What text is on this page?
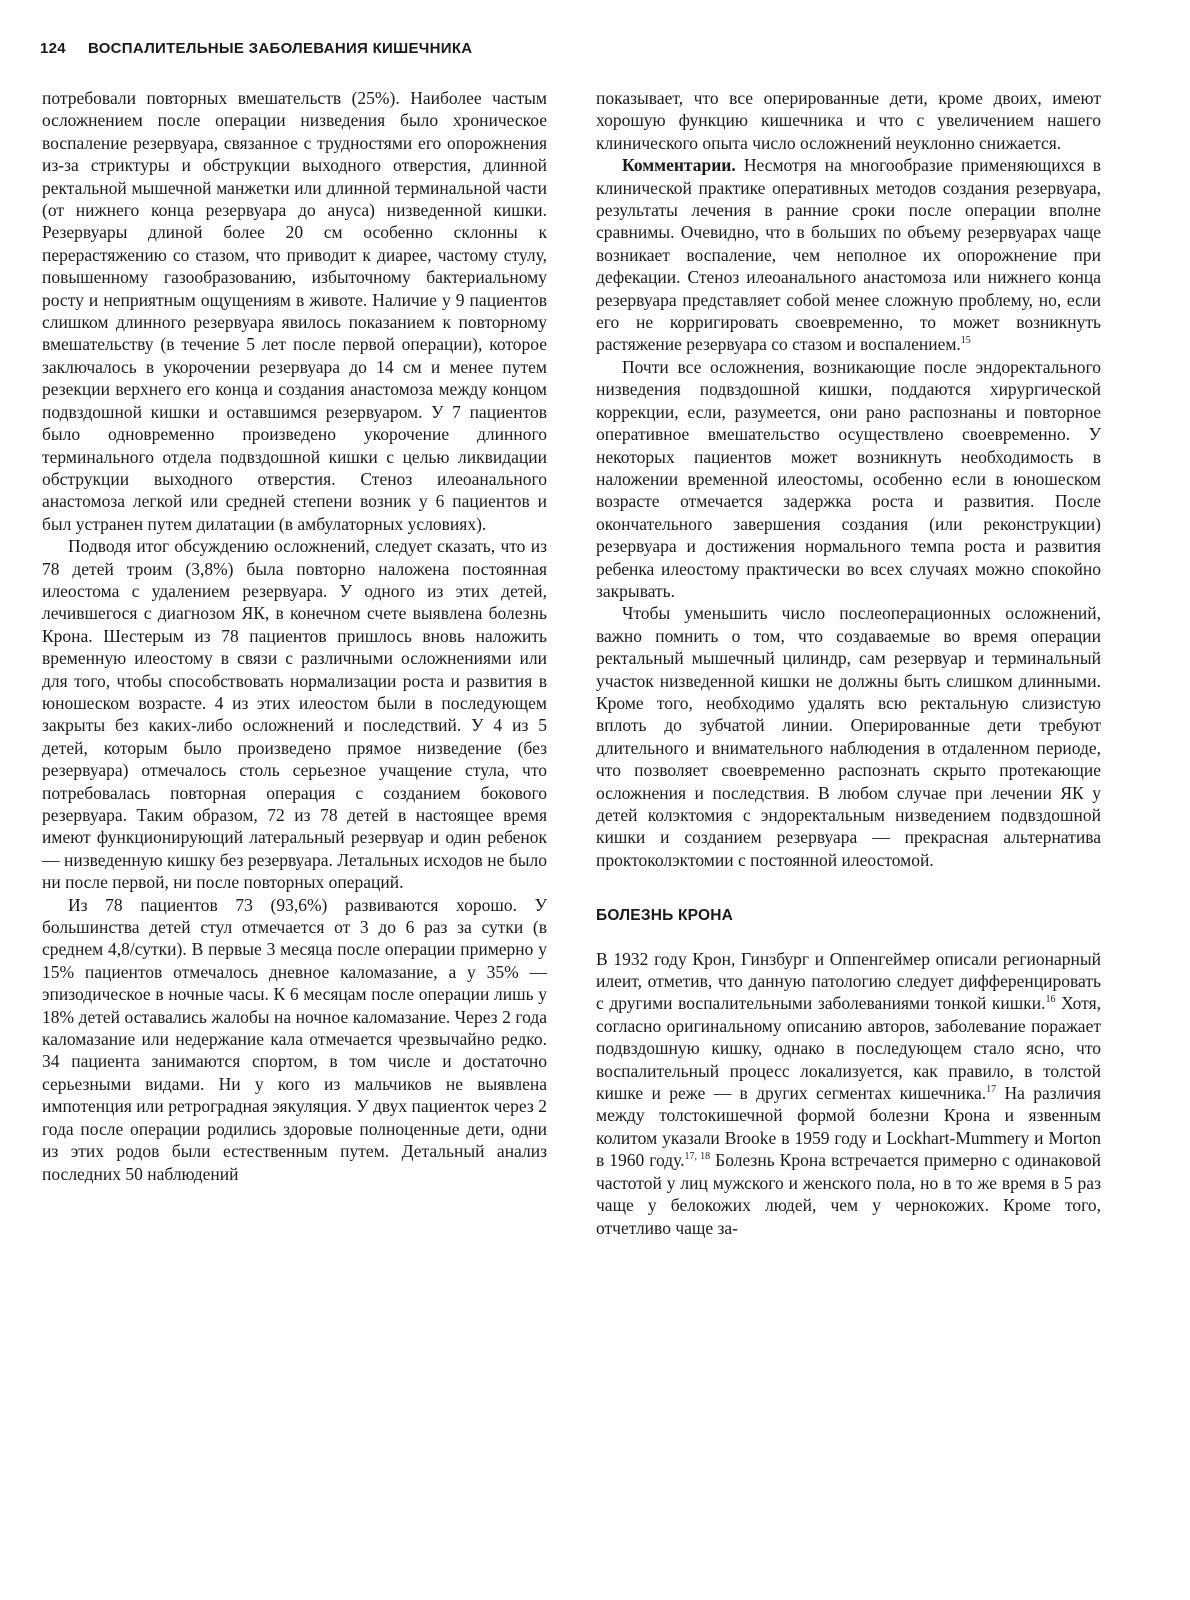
124 ВОСПАЛИТЕЛЬНЫЕ ЗАБОЛЕВАНИЯ КИШЕЧНИКА

потребовали повторных вмешательств (25%). Наиболее частым осложнением после операции низведения было хроническое воспаление резервуара, связанное с трудностями его опорожнения из-за стриктуры и обструкции выходного отверстия, длинной ректальной мышечной манжетки или длинной терминальной части (от нижнего конца резервуара до ануса) низведенной кишки. Резервуары длиной более 20 см особенно склонны к перерастяжению со стазом, что приводит к диарее, частому стулу, повышенному газообразованию, избыточному бактериальному росту и неприятным ощущениям в животе. Наличие у 9 пациентов слишком длинного резервуара явилось показанием к повторному вмешательству (в течение 5 лет после первой операции), которое заключалось в укорочении резервуара до 14 см и менее путем резекции верхнего его конца и создания анастомоза между концом подвздошной кишки и оставшимся резервуаром. У 7 пациентов было одновременно произведено укорочение длинного терминального отдела подвздошной кишки с целью ликвидации обструкции выходного отверстия. Стеноз илеоанального анастомоза легкой или средней степени возник у 6 пациентов и был устранен путем дилатации (в амбулаторных условиях).

Подводя итог обсуждению осложнений, следует сказать, что из 78 детей троим (3,8%) была повторно наложена постоянная илеостома с удалением резервуара. У одного из этих детей, лечившегося с диагнозом ЯК, в конечном счете выявлена болезнь Крона. Шестерым из 78 пациентов пришлось вновь наложить временную илеостому в связи с различными осложнениями или для того, чтобы способствовать нормализации роста и развития в юношеском возрасте. 4 из этих илеостом были в последующем закрыты без каких-либо осложнений и последствий. У 4 из 5 детей, которым было произведено прямое низведение (без резервуара) отмечалось столь серьезное учащение стула, что потребовалась повторная операция с созданием бокового резервуара. Таким образом, 72 из 78 детей в настоящее время имеют функционирующий латеральный резервуар и один ребенок — низведенную кишку без резервуара. Летальных исходов не было ни после первой, ни после повторных операций.

Из 78 пациентов 73 (93,6%) развиваются хорошо. У большинства детей стул отмечается от 3 до 6 раз за сутки (в среднем 4,8/сутки). В первые 3 месяца после операции примерно у 15% пациентов отмечалось дневное каломазание, а у 35% — эпизодическое в ночные часы. К 6 месяцам после операции лишь у 18% детей оставались жалобы на ночное каломазание. Через 2 года каломазание или недержание кала отмечается чрезвычайно редко. 34 пациента занимаются спортом, в том числе и достаточно серьезными видами. Ни у кого из мальчиков не выявлена импотенция или ретроградная эякуляция. У двух пациенток через 2 года после операции родились здоровые полноценные дети, одни из этих родов были естественным путем. Детальный анализ последних 50 наблюдений

показывает, что все оперированные дети, кроме двоих, имеют хорошую функцию кишечника и что с увеличением нашего клинического опыта число осложнений неуклонно снижается.

Комментарии. Несмотря на многообразие применяющихся в клинической практике оперативных методов создания резервуара, результаты лечения в ранние сроки после операции вполне сравнимы. Очевидно, что в больших по объему резервуарах чаще возникает воспаление, чем неполное их опорожнение при дефекации. Стеноз илеоанального анастомоза или нижнего конца резервуара представляет собой менее сложную проблему, но, если его не корригировать своевременно, то может возникнуть растяжение резервуара со стазом и воспалением.$^{15}$

Почти все осложнения, возникающие после эндоректального низведения подвздошной кишки, поддаются хирургической коррекции, если, разумеется, они рано распознаны и повторное оперативное вмешательство осуществлено своевременно. У некоторых пациентов может возникнуть необходимость в наложении временной илеостомы, особенно если в юношеском возрасте отмечается задержка роста и развития. После окончательного завершения создания (или реконструкции) резервуара и достижения нормального темпа роста и развития ребенка илеостому практически во всех случаях можно спокойно закрывать.

Чтобы уменьшить число послеоперационных осложнений, важно помнить о том, что создаваемые во время операции ректальный мышечный цилиндр, сам резервуар и терминальный участок низведенной кишки не должны быть слишком длинными. Кроме того, необходимо удалять всю ректальную слизистую вплоть до зубчатой линии. Оперированные дети требуют длительного и внимательного наблюдения в отдаленном периоде, что позволяет своевременно распознать скрыто протекающие осложнения и последствия. В любом случае при лечении ЯК у детей колэктомия с эндоректальным низведением подвздошной кишки и созданием резервуара — прекрасная альтернатива проктоколэктомии с постоянной илеостомой.

БОЛЕЗНЬ КРОНА

В 1932 году Крон, Гинзбург и Оппенгеймер описали регионарный илеит, отметив, что данную патологию следует дифференцировать с другими воспалительными заболеваниями тонкой кишки.$^{16}$ Хотя, согласно оригинальному описанию авторов, заболевание поражает подвздошную кишку, однако в последующем стало ясно, что воспалительный процесс локализуется, как правило, в толстой кишке и реже — в других сегментах кишечника.$^{17}$ На различия между толстокишечной формой болезни Крона и язвенным колитом указали Brooke в 1959 году и Lockhart-Mummery и Morton в 1960 году.$^{17, 18}$ Болезнь Крона встречается примерно с одинаковой частотой у лиц мужского и женского пола, но в то же время в 5 раз чаще у белокожих людей, чем у чернокожих. Кроме того, отчетливо чаще за-
